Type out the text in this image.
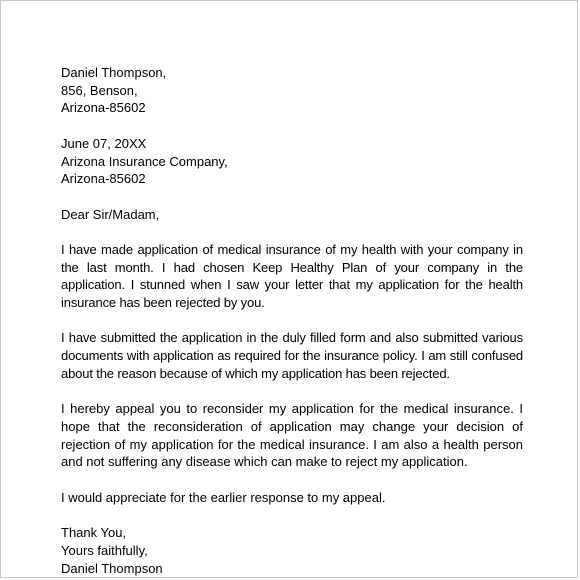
Daniel Thompson,
856, Benson,
Arizona-85602
June 07, 20XX
Arizona Insurance Company,
Arizona-85602
Dear Sir/Madam,
I have made application of medical insurance of my health with your company in the last month. I had chosen Keep Healthy Plan of your company in the application. I stunned when I saw your letter that my application for the health insurance has been rejected by you.
I have submitted the application in the duly filled form and also submitted various documents with application as required for the insurance policy. I am still confused about the reason because of which my application has been rejected.
I hereby appeal you to reconsider my application for the medical insurance. I hope that the reconsideration of application may change your decision of rejection of my application for the medical insurance. I am also a health person and not suffering any disease which can make to reject my application.
I would appreciate for the earlier response to my appeal.
Thank You,
Yours faithfully,
Daniel Thompson
